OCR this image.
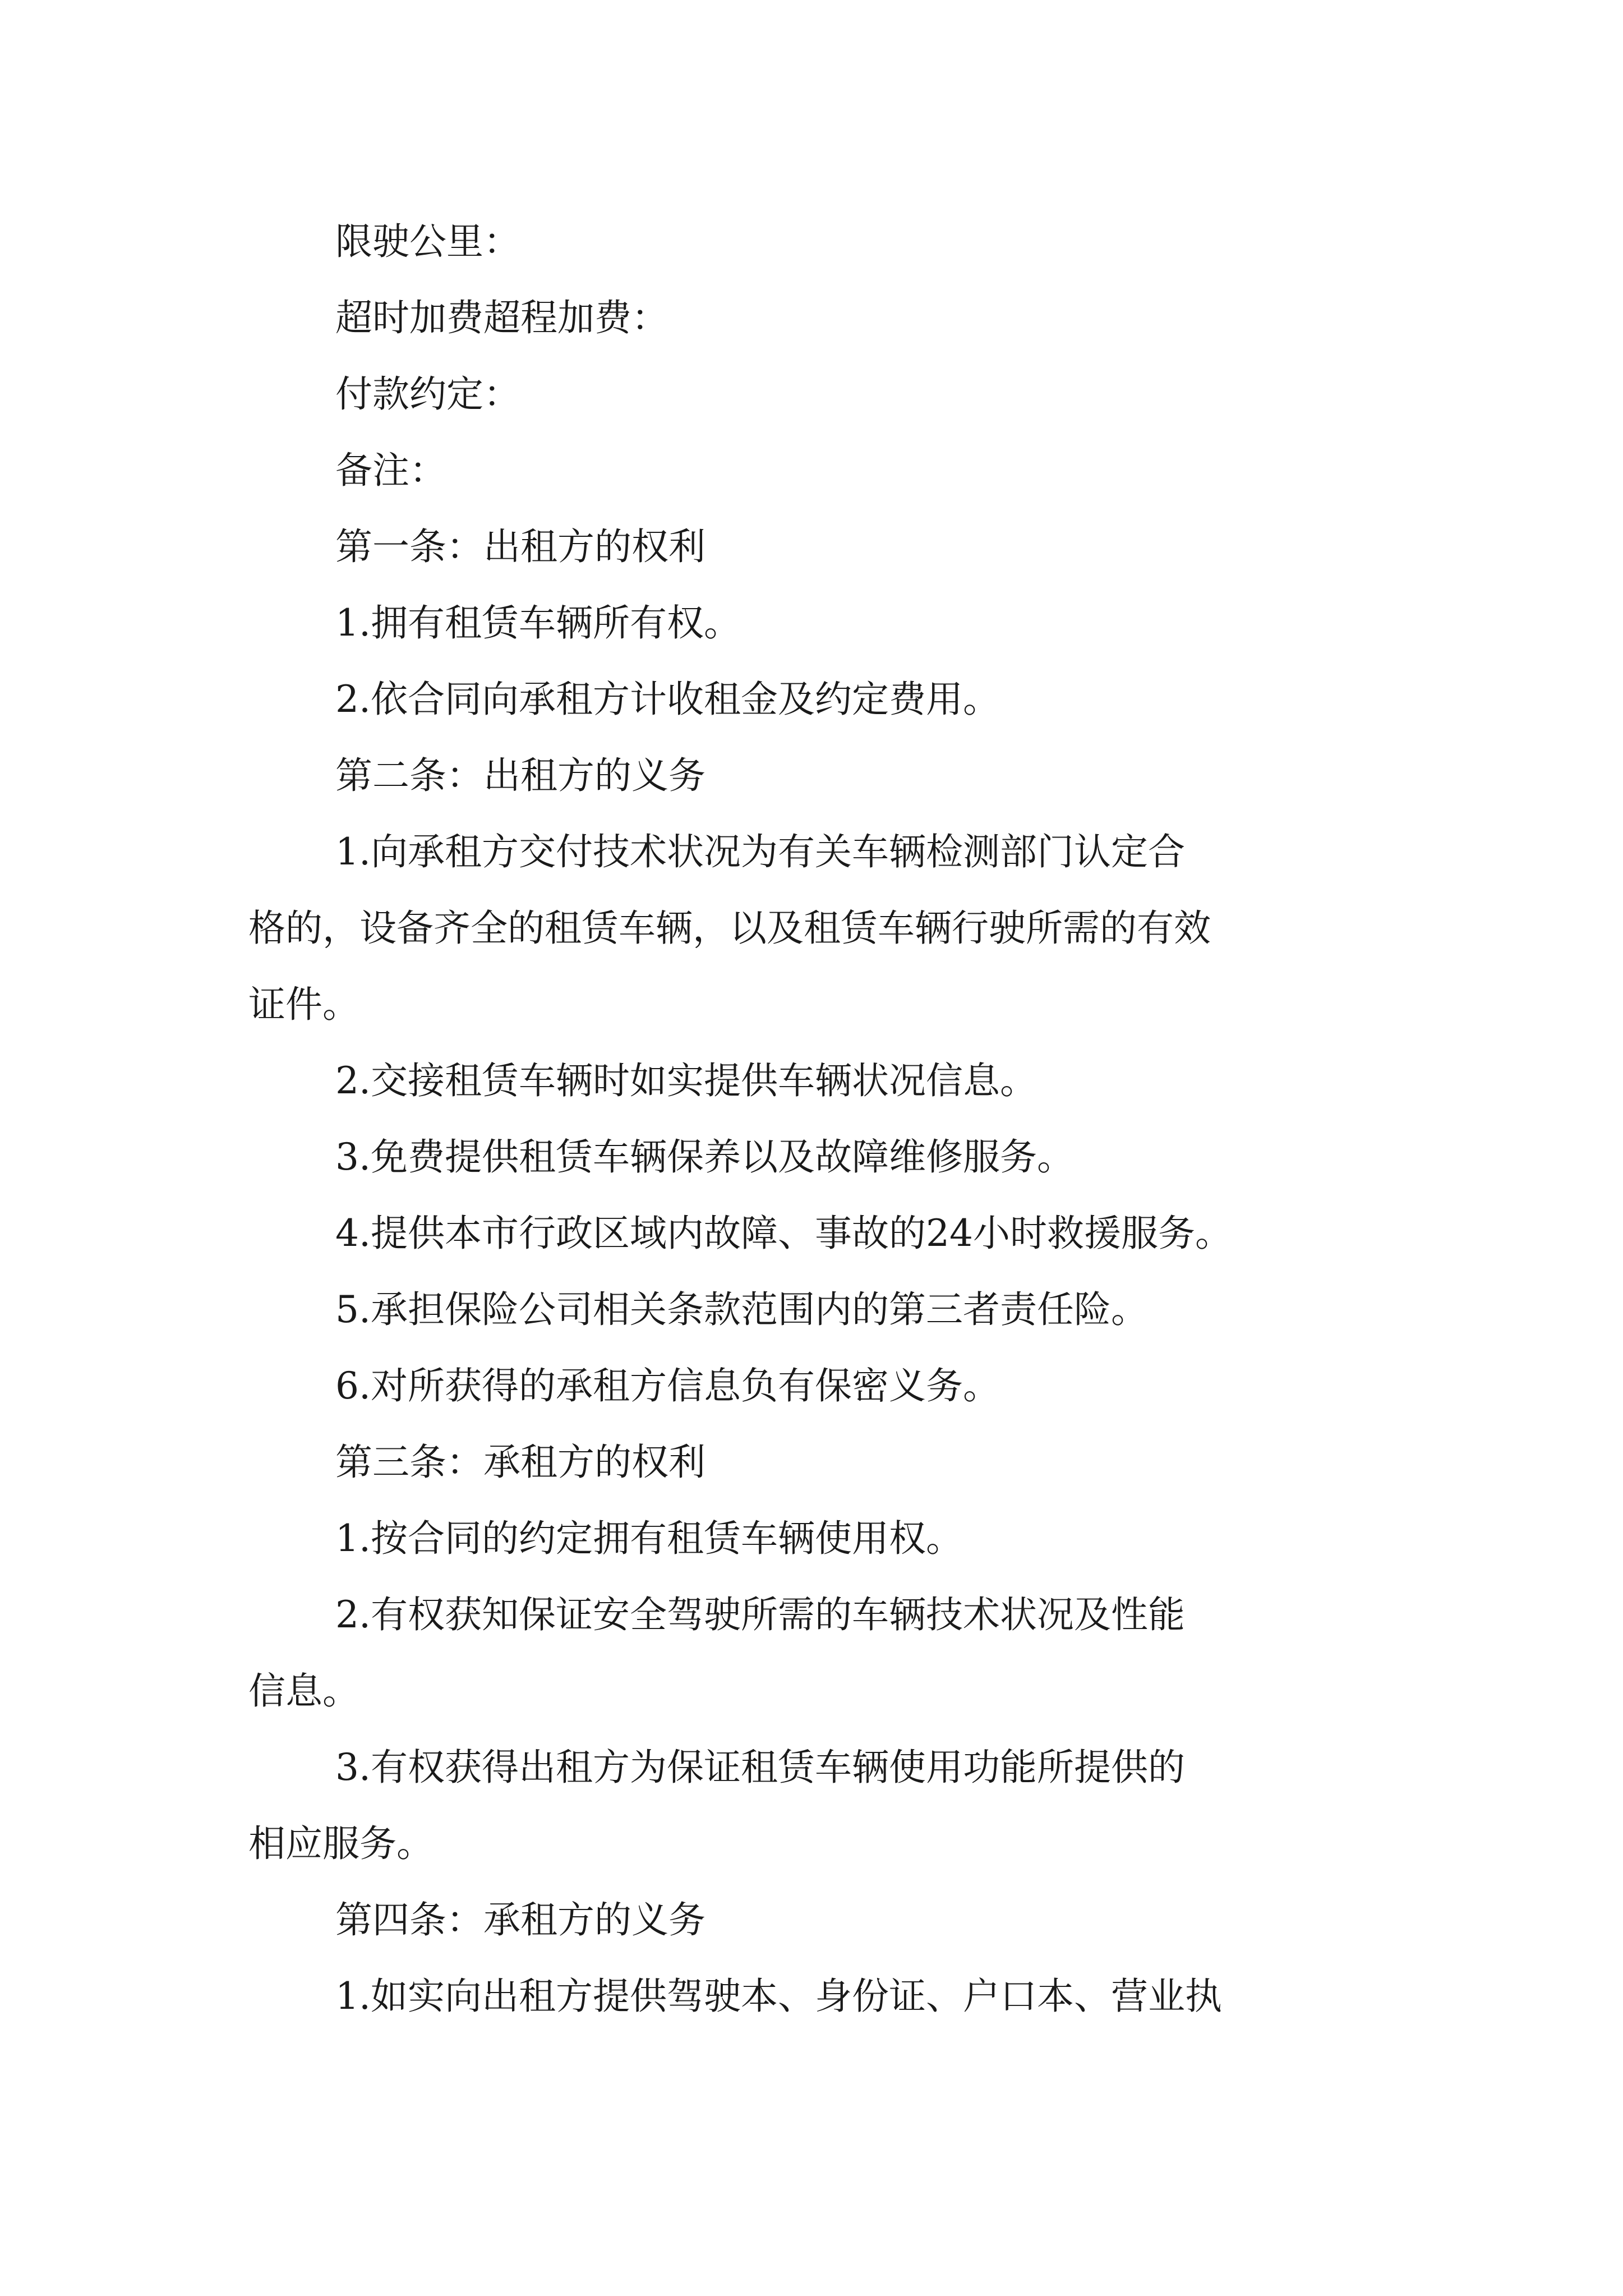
限驶公里：
超时加费超程加费：
付款约定：
备注：
第一条：出租方的权利
1.拥有租赁车辆所有权。
2.依合同向承租方计收租金及约定费用。
第二条：出租方的义务
1.向承租方交付技术状况为有关车辆检测部门认定合
格的，设备齐全的租赁车辆，以及租赁车辆行驶所需的有效
证件。
2.交接租赁车辆时如实提供车辆状况信息。
3.免费提供租赁车辆保养以及故障维修服务。
4.提供本市行政区域内故障、事故的24小时救援服务。
5.承担保险公司相关条款范围内的第三者责任险。
6.对所获得的承租方信息负有保密义务。
第三条：承租方的权利
1.按合同的约定拥有租赁车辆使用权。
2.有权获知保证安全驾驶所需的车辆技术状况及性能
信息。
3.有权获得出租方为保证租赁车辆使用功能所提供的
相应服务。
第四条：承租方的义务
1.如实向出租方提供驾驶本、身份证、户口本、营业执
